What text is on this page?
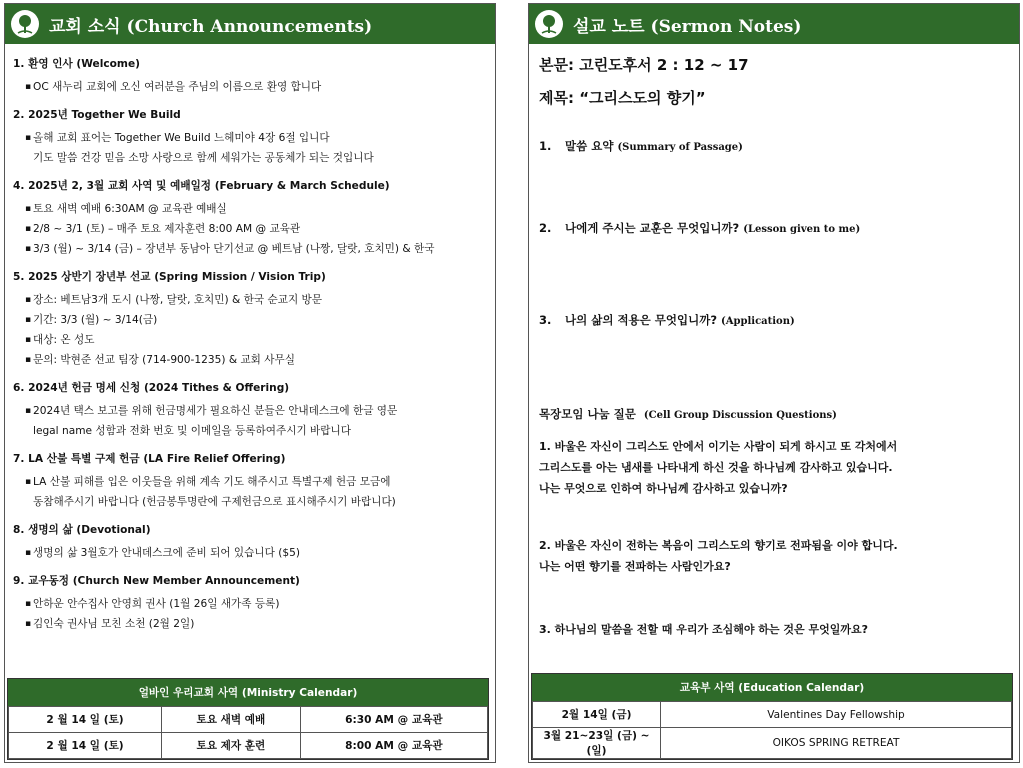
교회 소식 (Church Announcements)
1. 환영 인사 (Welcome)
▪ OC 새누리 교회에 오신 여러분을 주님의 이름으로 환영 합니다
2. 2025년 Together We Build
▪ 올해 교회 표어는 Together We Build 느헤미야 4장 6절 입니다
기도 말씀 건강 믿음 소망 사랑으로 함께 세워가는 공동체가 되는 것입니다
4. 2025년 2, 3월 교회 사역 및 예배일정 (February & March Schedule)
▪ 토요 새벽 예배 6:30AM @ 교육관 예배실
▪ 2/8 ~ 3/1 (토) – 매주 토요 제자훈련 8:00 AM @ 교육관
▪ 3/3 (월) ~ 3/14 (금) – 장년부 동남아 단기선교 @ 베트남 (나짱, 달랏, 호치민) & 한국
5. 2025 상반기 장년부 선교 (Spring Mission / Vision Trip)
▪ 장소: 베트남3개 도시 (나짱, 달랏, 호치민) & 한국 순교지 방문
▪ 기간: 3/3 (월) ~ 3/14(금)
▪ 대상: 온 성도
▪ 문의: 박현준 선교 팀장 (714-900-1235) & 교회 사무실
6. 2024년 헌금 명세 신청 (2024 Tithes & Offering)
▪ 2024년 택스 보고를 위해 헌금명세가 필요하신 분들은 안내데스크에 한글 영문
legal name 성함과 전화 번호 및 이메일을 등록하여주시기 바랍니다
7. LA 산불 특별 구제 헌금 (LA Fire Relief Offering)
▪ LA 산불 피해를 입은 이웃들을 위해 계속 기도 해주시고 특별구제 헌금 모금에
동참해주시기 바랍니다 (헌금봉투명란에 구제헌금으로 표시해주시기 바랍니다)
8. 생명의 삶 (Devotional)
▪ 생명의 삶 3월호가 안내데스크에 준비 되어 있습니다 ($5)
9. 교우동정 (Church New Member Announcement)
▪ 안하운 안수집사 안영희 권사 (1월 26일 새가족 등록)
▪ 김인숙 권사님 모친 소천 (2월 2일)
얼바인 우리교회 사역 (Ministry Calendar)
2 월 14 일 (토)	토요 새벽 예배	6:30 AM @ 교육관
2 월 14 일 (토)	토요 제자 훈련	8:00 AM @ 교육관
설교 노트 (Sermon Notes)
본문: 고린도후서 2 : 12 ~ 17
제목: “그리스도의 향기”
1.	말씀 요약 (Summary of Passage)
2.	나에게 주시는 교훈은 무엇입니까? (Lesson given to me)
3.	나의 삶의 적용은 무엇입니까? (Application)
목장모임 나눔 질문 (Cell Group Discussion Questions)
1. 바울은 자신이 그리스도 안에서 이기는 사람이 되게 하시고 또 각처에서
그리스도를 아는 냄새를 나타내게 하신 것을 하나님께 감사하고 있습니다.
나는 무엇으로 인하여 하나님께 감사하고 있습니까?
2. 바울은 자신이 전하는 복음이 그리스도의 향기로 전파됨을 이야 합니다.
나는 어떤 향기를 전파하는 사람인가요?
3. 하나님의 말씀을 전할 때 우리가 조심해야 하는 것은 무엇일까요?
교육부 사역 (Education Calendar)
2월 14일 (금)	Valentines Day Fellowship
3월 21~23일 (금) ~ (일)	OIKOS SPRING RETREAT
